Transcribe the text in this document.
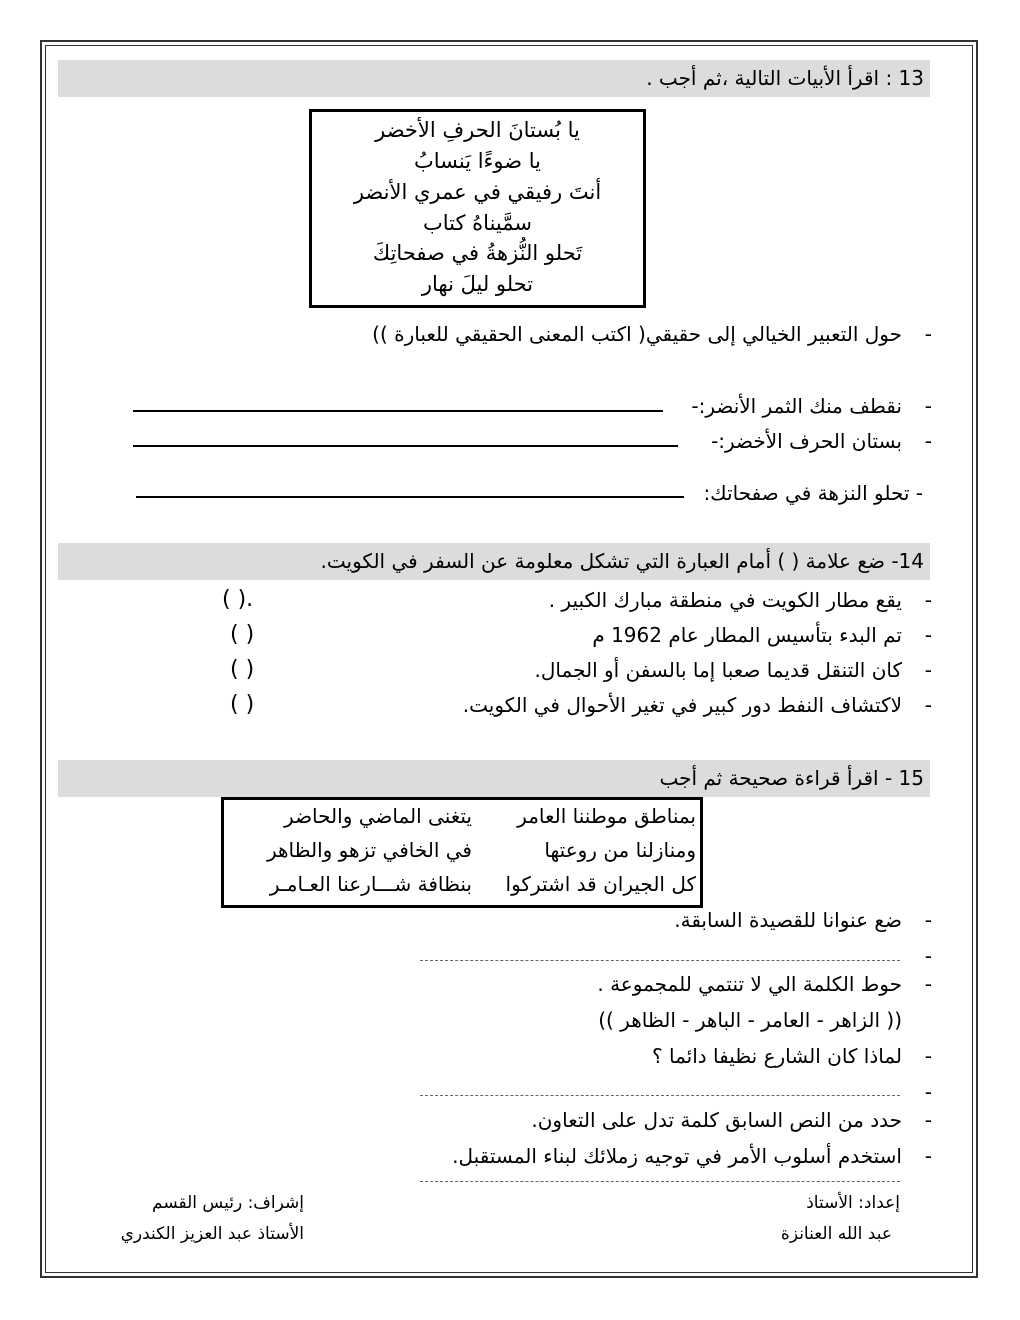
13 : اقرأ الأبيات التالية ،ثم أجب .
يا بُستانَ الحرفِ الأخضر
يا ضوءًا يَنسابُ
أنتَ رفيقي في عمري الأنضر
سمَّيناهُ كتاب
تَحلو النُّزهةُ في صفحاتِكَ
تحلو ليلَ نهار
-
حول التعبير الخيالي إلى حقيقي( اكتب المعنى الحقيقي للعبارة ))
-
نقطف منك الثمر الأنضر:-
-
بستان الحرف الأخضر:-
- تحلو النزهة في صفحاتك:
14- ضع علامة ( ) أمام العبارة التي تشكل معلومة عن السفر في الكويت.
-
يقع مطار الكويت في منطقة مبارك الكبير .
( ).
-
تم البدء بتأسيس المطار عام 1962 م
( )
-
كان التنقل قديما صعبا إما بالسفن أو الجمال.
( )
-
لاكتشاف النفط دور كبير في تغير الأحوال في الكويت.
( )
15 - اقرأ قراءة صحيحة ثم أجب
بمناطق موطننا العامر
ومنازلنا من روعتها
كل الجيران قد اشتركوا
يتغنى الماضي والحاضر
في الخافي تزهو والظاهر
بنظافة شـــارعنا العـامـر
-
ضع عنوانا للقصيدة السابقة.
-
-
حوط الكلمة الي لا تنتمي للمجموعة .
(( الزاهر - العامر - الباهر - الظاهر ))
-
لماذا كان الشارع نظيفا دائما ؟
-
-
حدد من النص السابق كلمة تدل على التعاون.
-
استخدم أسلوب الأمر في توجيه زملائك لبناء المستقبل.
إعداد: الأستاذ
عبد الله العنانزة
إشراف: رئيس القسم
الأستاذ عبد العزيز الكندري
